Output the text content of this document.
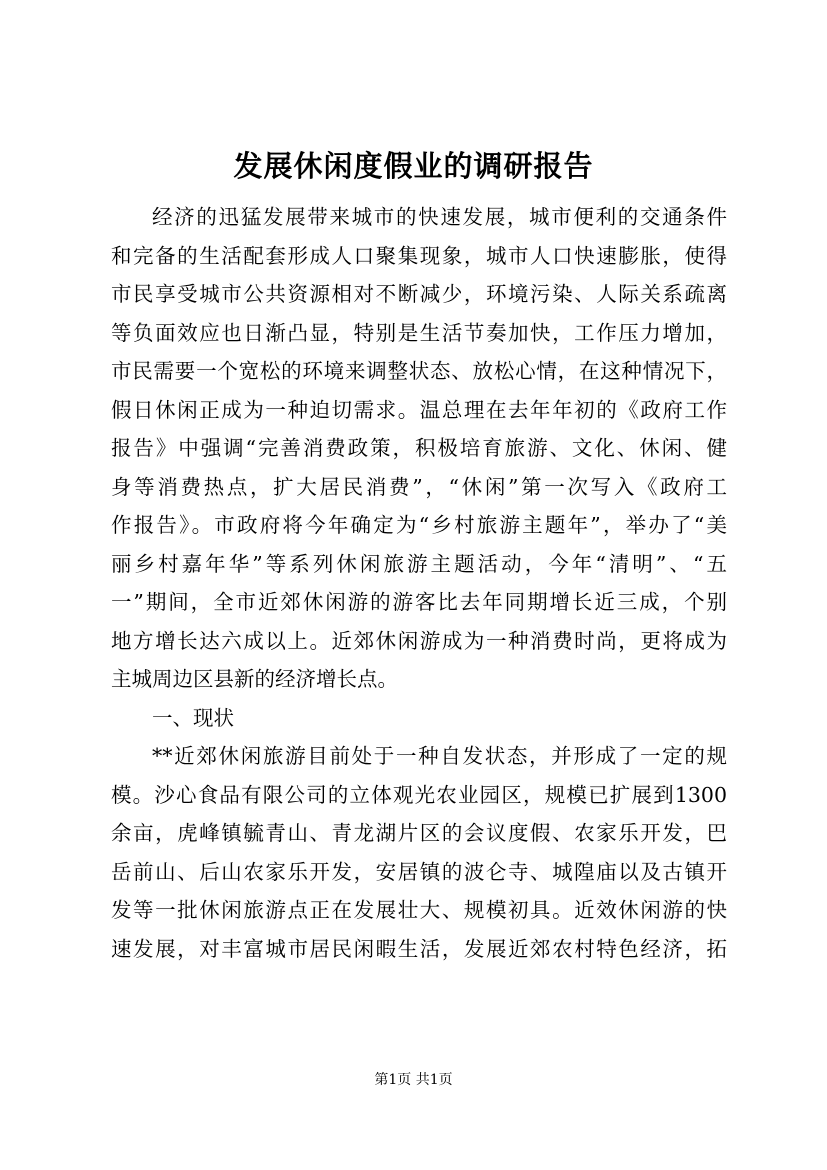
发展休闲度假业的调研报告
经济的迅猛发展带来城市的快速发展，城市便利的交通条件
和完备的生活配套形成人口聚集现象，城市人口快速膨胀，使得
市民享受城市公共资源相对不断减少，环境污染、人际关系疏离
等负面效应也日渐凸显，特别是生活节奏加快，工作压力增加，
市民需要一个宽松的环境来调整状态、放松心情，在这种情况下，
假日休闲正成为一种迫切需求。温总理在去年年初的《政府工作
报告》中强调“完善消费政策，积极培育旅游、文化、休闲、健
身等消费热点，扩大居民消费”，“休闲”第一次写入《政府工
作报告》。市政府将今年确定为“乡村旅游主题年”，举办了“美
丽乡村嘉年华”等系列休闲旅游主题活动，今年“清明”、“五
一”期间，全市近郊休闲游的游客比去年同期增长近三成，个别
地方增长达六成以上。近郊休闲游成为一种消费时尚，更将成为
主城周边区县新的经济增长点。
一、现状
**近郊休闲旅游目前处于一种自发状态，并形成了一定的规
模。沙心食品有限公司的立体观光农业园区，规模已扩展到1300
余亩，虎峰镇毓青山、青龙湖片区的会议度假、农家乐开发，巴
岳前山、后山农家乐开发，安居镇的波仑寺、城隍庙以及古镇开
发等一批休闲旅游点正在发展壮大、规模初具。近效休闲游的快
速发展，对丰富城市居民闲暇生活，发展近郊农村特色经济，拓
第1页 共1页
